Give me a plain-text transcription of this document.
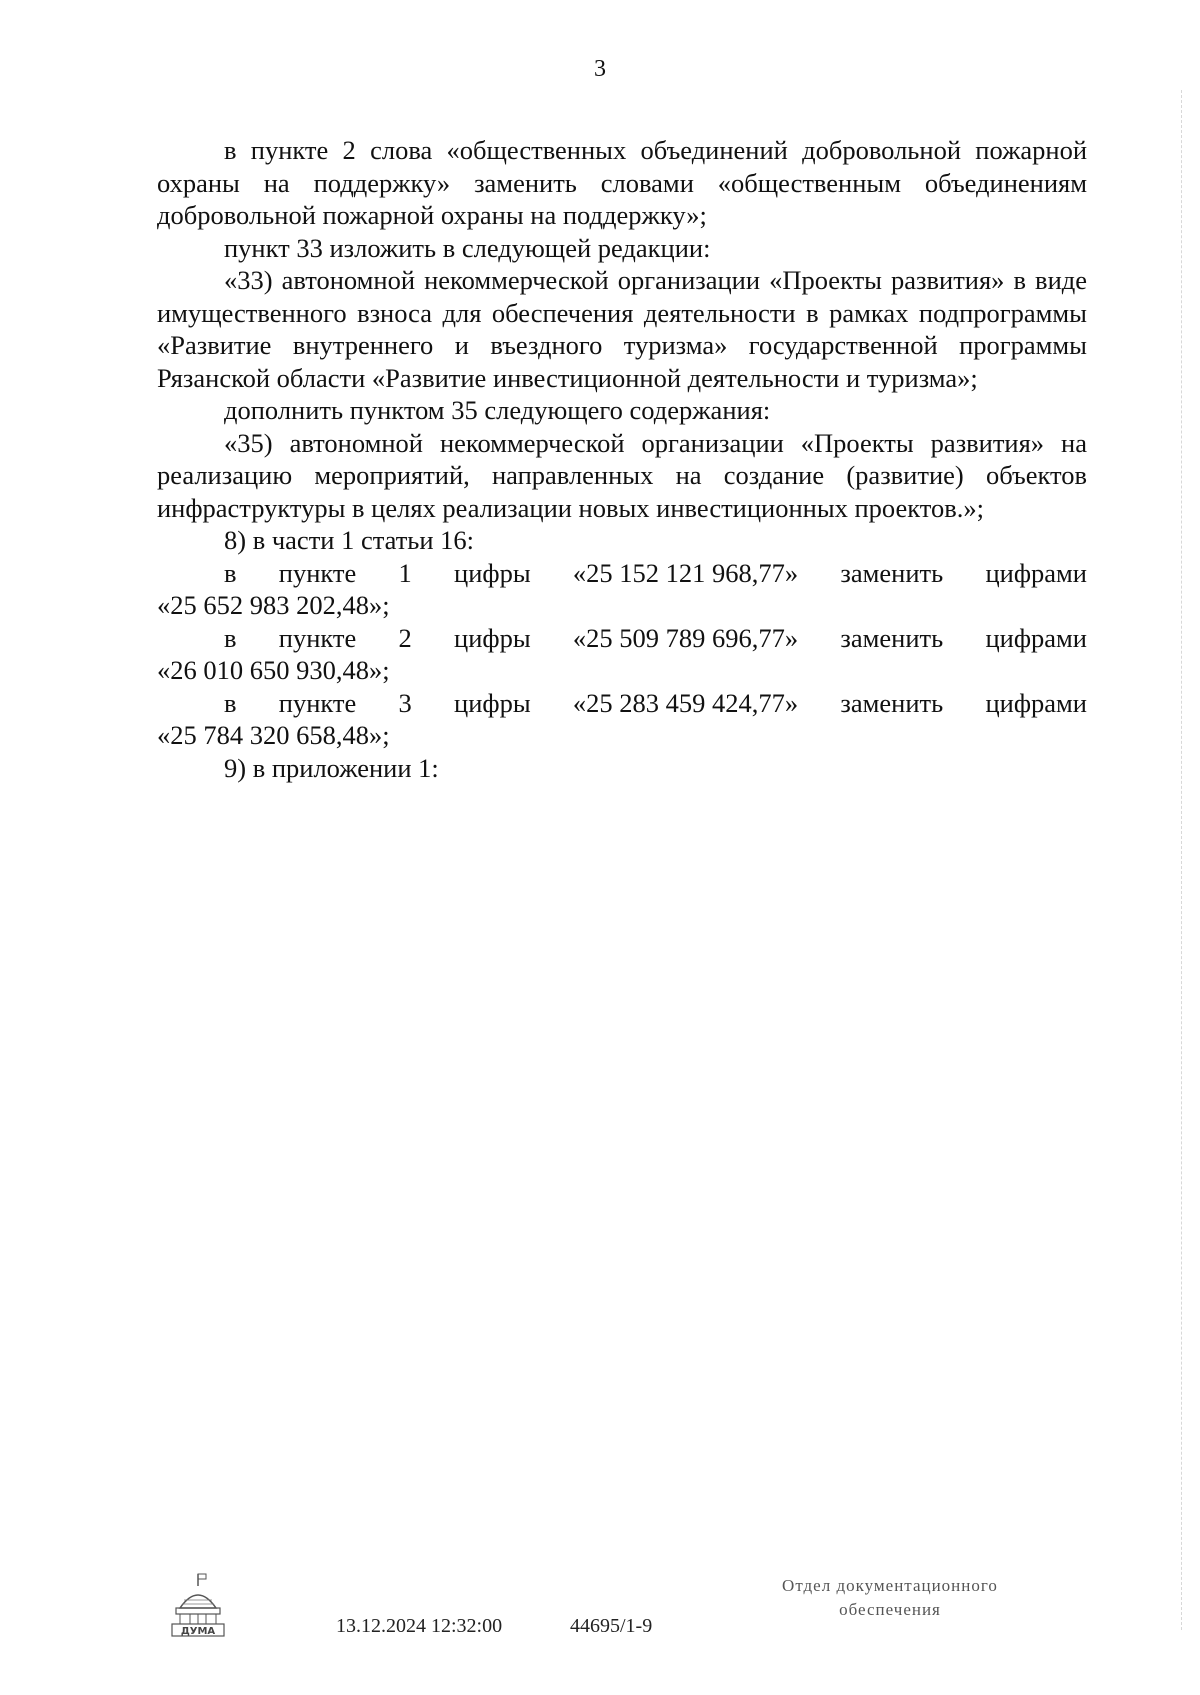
3

в пункте 2 слова «общественных объединений добровольной пожарной охраны на поддержку» заменить словами «общественным объединениям добровольной пожарной охраны на поддержку»;

пункт 33 изложить в следующей редакции:

«33) автономной некоммерческой организации «Проекты развития» в виде имущественного взноса для обеспечения деятельности в рамках подпрограммы «Развитие внутреннего и въездного туризма» государственной программы Рязанской области «Развитие инвестиционной деятельности и туризма»;

дополнить пунктом 35 следующего содержания:

«35) автономной некоммерческой организации «Проекты развития» на реализацию мероприятий, направленных на создание (развитие) объектов инфраструктуры в целях реализации новых инвестиционных проектов.»;

8) в части 1 статьи 16:

в пункте 1 цифры «25 152 121 968,77» заменить цифрами
«25 652 983 202,48»;
в пункте 2 цифры «25 509 789 696,77» заменить цифрами
«26 010 650 930,48»;
в пункте 3 цифры «25 283 459 424,77» заменить цифрами
«25 784 320 658,48»;

9) в приложении 1:

ДУМА	13.12.2024 12:32:00	44695/1-9
Отдел документационного
обеспечения
